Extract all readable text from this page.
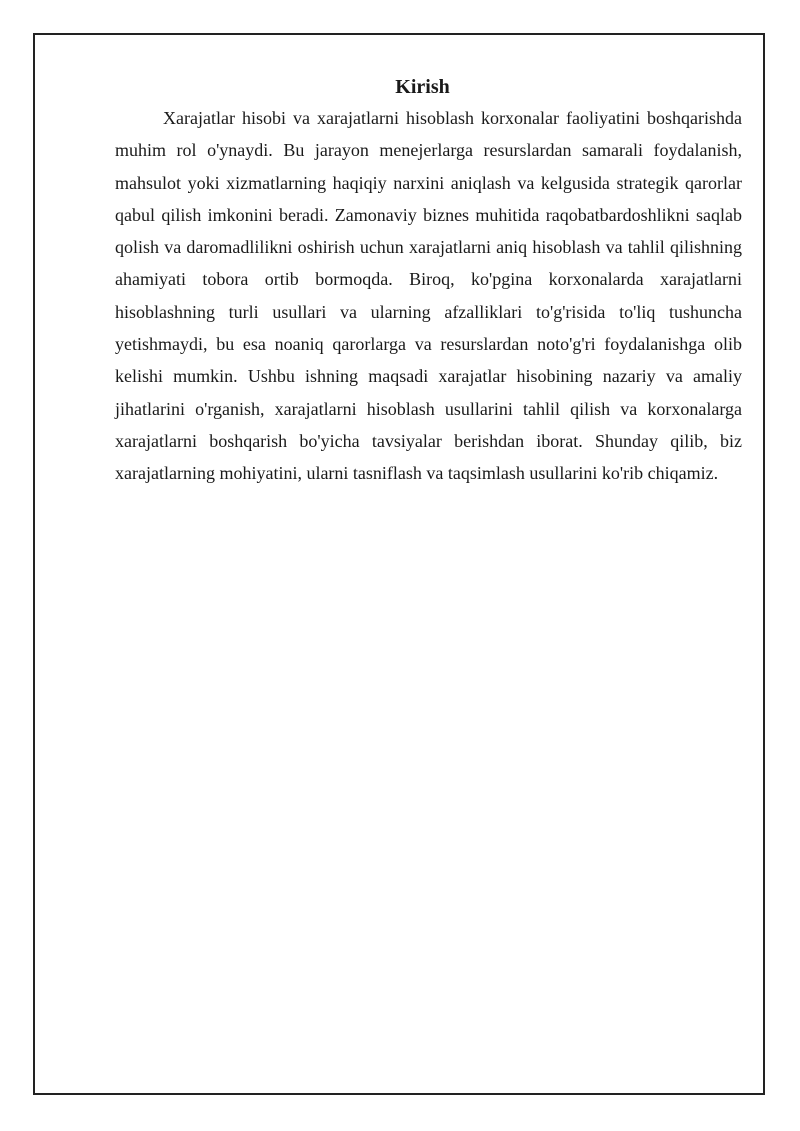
Kirish

Xarajatlar hisobi va xarajatlarni hisoblash korxonalar faoliyatini boshqarishda muhim rol o'ynaydi. Bu jarayon menejerlarga resurslardan samarali foydalanish, mahsulot yoki xizmatlarning haqiqiy narxini aniqlash va kelgusida strategik qarorlar qabul qilish imkonini beradi. Zamonaviy biznes muhitida raqobatbardoshlikni saqlab qolish va daromadlilikni oshirish uchun xarajatlarni aniq hisoblash va tahlil qilishning ahamiyati tobora ortib bormoqda. Biroq, ko'pgina korxonalarda xarajatlarni hisoblashning turli usullari va ularning afzalliklari to'g'risida to'liq tushuncha yetishmaydi, bu esa noaniq qarorlarga va resurslardan noto'g'ri foydalanishga olib kelishi mumkin. Ushbu ishning maqsadi xarajatlar hisobining nazariy va amaliy jihatlarini o'rganish, xarajatlarni hisoblash usullarini tahlil qilish va korxonalarga xarajatlarni boshqarish bo'yicha tavsiyalar berishdan iborat. Shunday qilib, biz xarajatlarning mohiyatini, ularni tasniflash va taqsimlash usullarini ko'rib chiqamiz.
